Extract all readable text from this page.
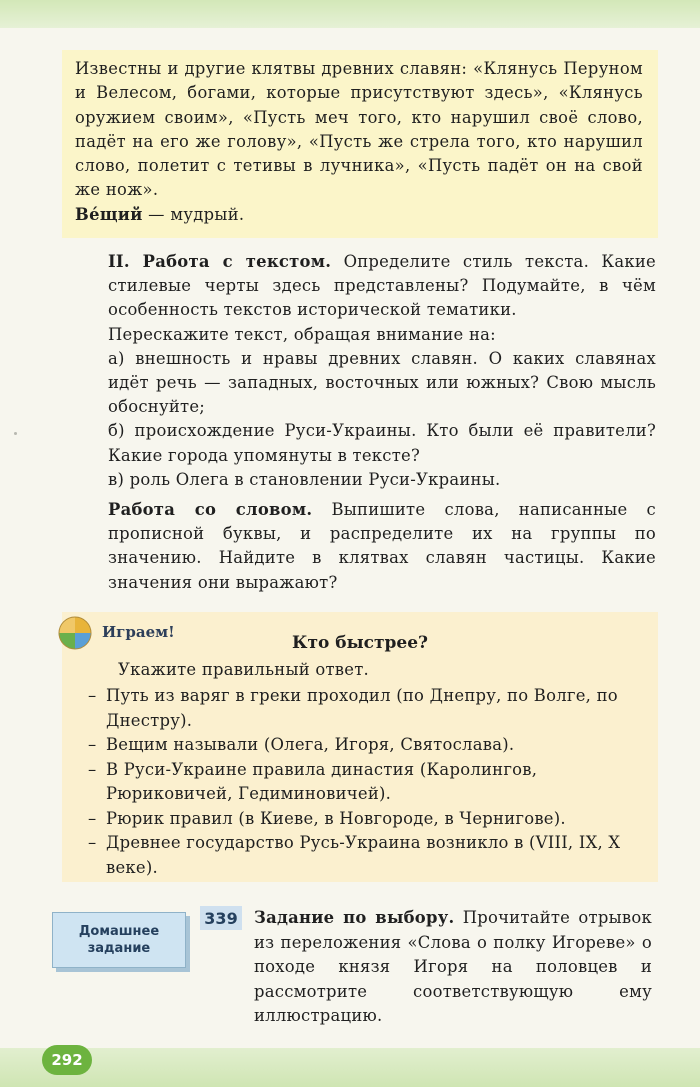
Известны и другие клятвы древних славян: «Клянусь Перуном и Велесом, богами, которые присутствуют здесь», «Клянусь оружием своим», «Пусть меч того, кто нарушил своё слово, падёт на его же голову», «Пусть же стрела того, кто нарушил слово, полетит с тетивы в лучника», «Пусть падёт он на свой же нож».

Ве́щий — мудрый.

II. Работа с текстом. Определите стиль текста. Какие стилевые черты здесь представлены? Подумайте, в чём особенность текстов исторической тематики.

Перескажите текст, обращая внимание на:

а) внешность и нравы древних славян. О каких славянах идёт речь — западных, восточных или южных? Свою мысль обоснуйте;

б) происхождение Руси-Украины. Кто были её правители? Какие города упомянуты в тексте?

в) роль Олега в становлении Руси-Украины.

Работа со словом. Выпишите слова, написанные с прописной буквы, и распределите их на группы по значению. Найдите в клятвах славян частицы. Какие значения они выражают?

Играем!
Кто быстрее?
Укажите правильный ответ.
– Путь из варяг в греки проходил (по Днепру, по Волге, по Днестру).
– Вещим называли (Олега, Игоря, Святослава).
– В Руси-Украине правила династия (Каролингов, Рюриковичей, Гедиминовичей).
– Рюрик правил (в Киеве, в Новгороде, в Чернигове).
– Древнее государство Русь-Украина возникло в (VIII, IX, X веке).
Домашнее
задание
339 Задание по выбору. Прочитайте отрывок из переложения «Слова о полку Игореве» о походе князя Игоря на половцев и рассмотрите соответствующую ему иллюстрацию.
292
